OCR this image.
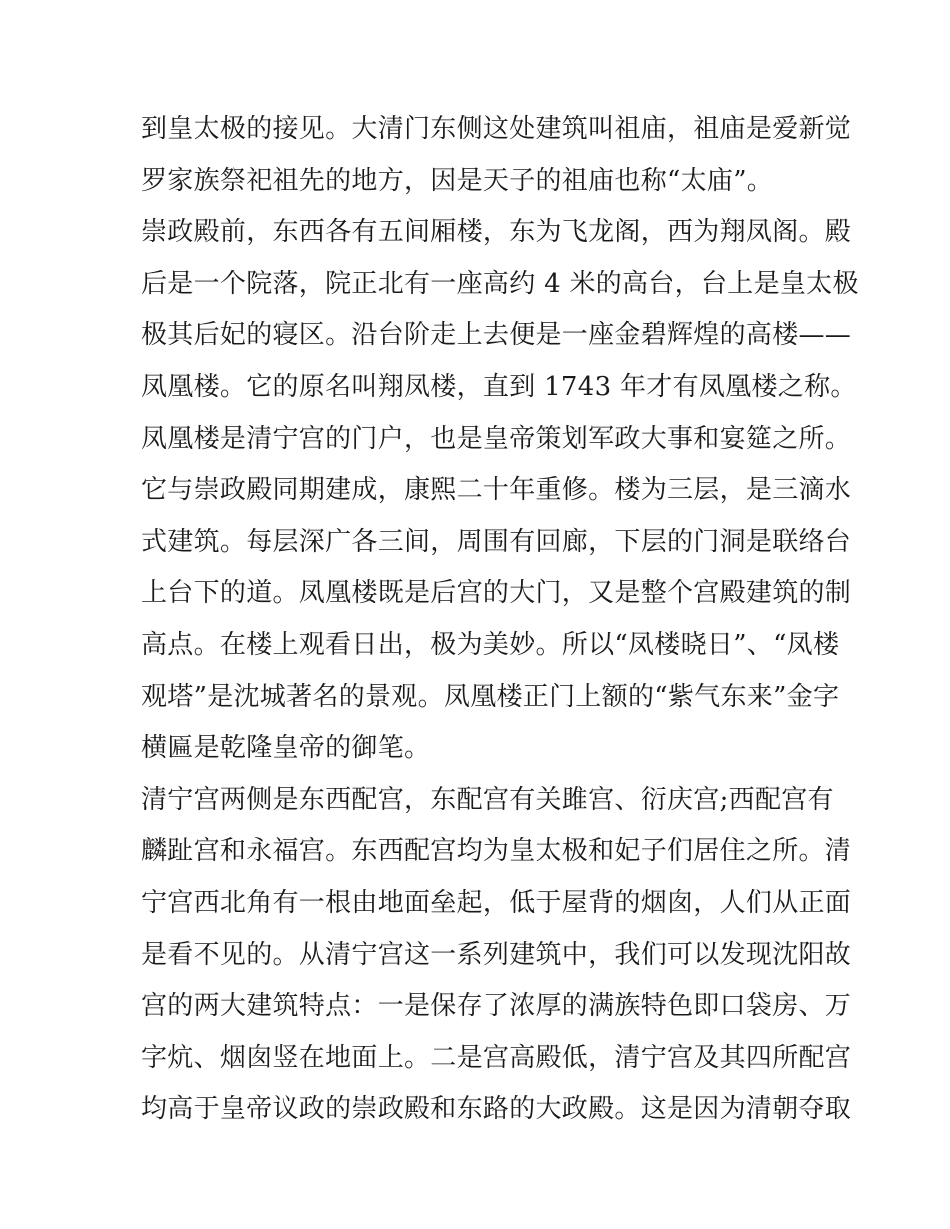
到皇太极的接见。大清门东侧这处建筑叫祖庙，祖庙是爱新觉
罗家族祭祀祖先的地方，因是天子的祖庙也称“太庙”。
崇政殿前，东西各有五间厢楼，东为飞龙阁，西为翔凤阁。殿
后是一个院落，院正北有一座高约 4 米的高台，台上是皇太极
极其后妃的寝区。沿台阶走上去便是一座金碧辉煌的高楼——
凤凰楼。它的原名叫翔凤楼，直到 1743 年才有凤凰楼之称。
凤凰楼是清宁宫的门户，也是皇帝策划军政大事和宴筵之所。
它与崇政殿同期建成，康熙二十年重修。楼为三层，是三滴水
式建筑。每层深广各三间，周围有回廊，下层的门洞是联络台
上台下的道。凤凰楼既是后宫的大门，又是整个宫殿建筑的制
高点。在楼上观看日出，极为美妙。所以“凤楼晓日”、“凤楼
观塔”是沈城著名的景观。凤凰楼正门上额的“紫气东来”金字
横匾是乾隆皇帝的御笔。
清宁宫两侧是东西配宫，东配宫有关雎宫、衍庆宫;西配宫有
麟趾宫和永福宫。东西配宫均为皇太极和妃子们居住之所。清
宁宫西北角有一根由地面垒起，低于屋背的烟囱，人们从正面
是看不见的。从清宁宫这一系列建筑中，我们可以发现沈阳故
宫的两大建筑特点：一是保存了浓厚的满族特色即口袋房、万
字炕、烟囱竖在地面上。二是宫高殿低，清宁宫及其四所配宫
均高于皇帝议政的崇政殿和东路的大政殿。这是因为清朝夺取
